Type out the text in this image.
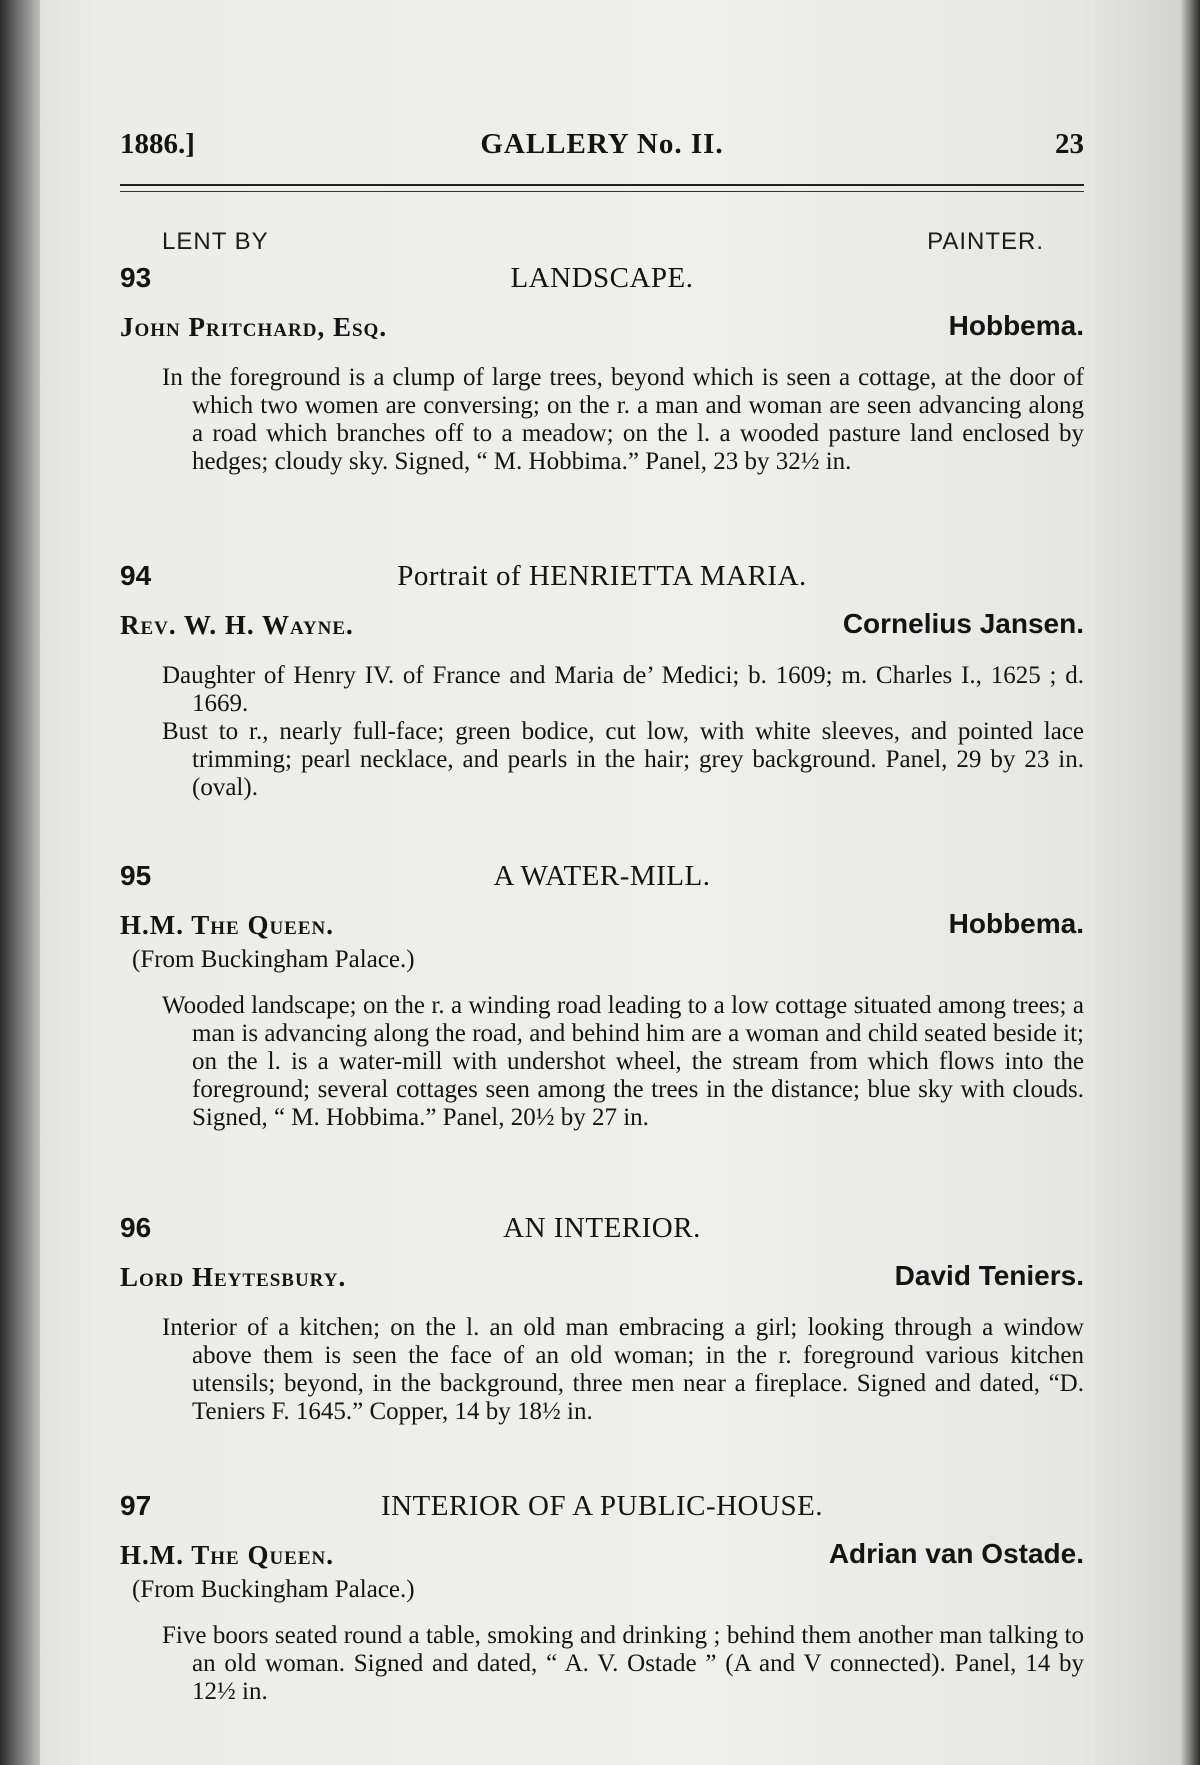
1886.]	GALLERY No. II.	23
LENT BY	PAINTER.
93	LANDSCAPE.
John Pritchard, Esq.	Hobbema.

In the foreground is a clump of large trees, beyond which is seen a cottage, at the door of which two women are conversing; on the r. a man and woman are seen advancing along a road which branches off to a meadow; on the l. a wooded pasture land enclosed by hedges; cloudy sky. Signed, “ M. Hobbima.” Panel, 23 by 32½ in.

94	Portrait of HENRIETTA MARIA.
Rev. W. H. Wayne.	Cornelius Jansen.

Daughter of Henry IV. of France and Maria de’ Medici; b. 1609; m. Charles I., 1625 ; d. 1669.

Bust to r., nearly full-face; green bodice, cut low, with white sleeves, and pointed lace trimming; pearl necklace, and pearls in the hair; grey background. Panel, 29 by 23 in. (oval).

95	A WATER-MILL.
H.M. The Queen.	Hobbema.
(From Buckingham Palace.)

Wooded landscape; on the r. a winding road leading to a low cottage situated among trees; a man is advancing along the road, and behind him are a woman and child seated beside it; on the l. is a water-mill with undershot wheel, the stream from which flows into the foreground; several cottages seen among the trees in the distance; blue sky with clouds. Signed, “ M. Hobbima.” Panel, 20½ by 27 in.

96	AN INTERIOR.
Lord Heytesbury.	David Teniers.

Interior of a kitchen; on the l. an old man embracing a girl; looking through a window above them is seen the face of an old woman; in the r. foreground various kitchen utensils; beyond, in the background, three men near a fireplace. Signed and dated, “D. Teniers F. 1645.” Copper, 14 by 18½ in.

97	INTERIOR OF A PUBLIC-HOUSE.
H.M. The Queen.	Adrian van Ostade.
(From Buckingham Palace.)

Five boors seated round a table, smoking and drinking ; behind them another man talking to an old woman. Signed and dated, “ A. V. Ostade ” (A and V connected). Panel, 14 by 12½ in.
